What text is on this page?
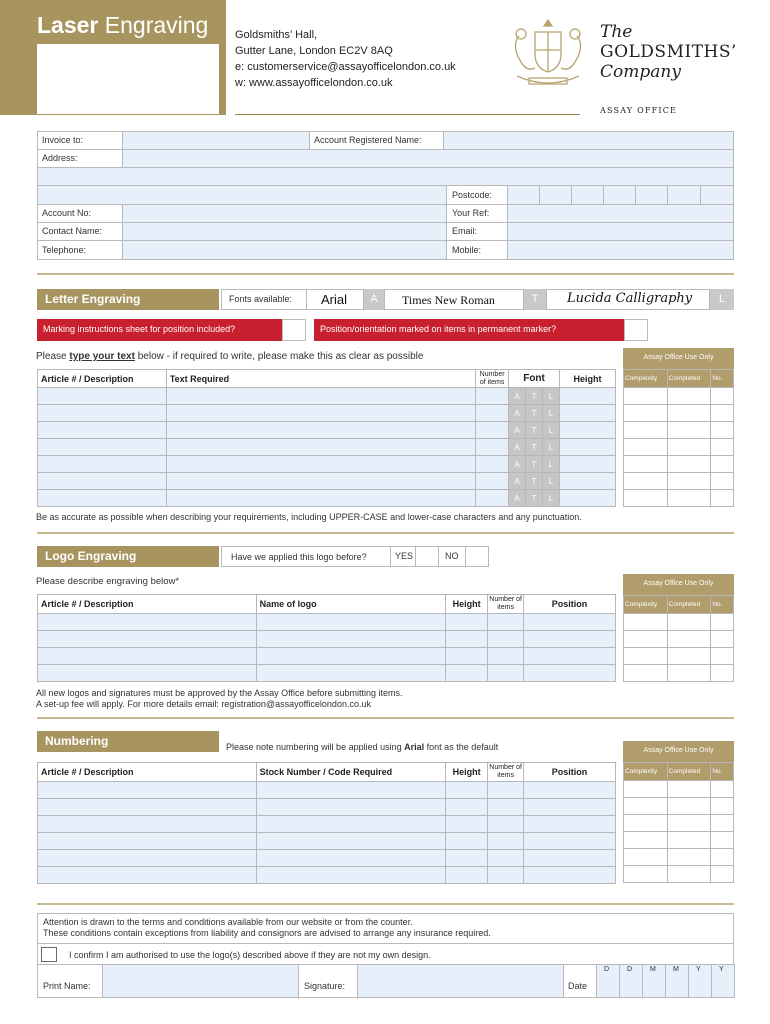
Laser Engraving Goldsmiths’ Hall,
Gutter Lane, London EC2V 8AQ
e: customerservice@assayofficelondon.co.uk
w: www.assayofficelondon.co.uk
The
GOLDSMITHS’
Company
ASSAY OFFICE
Invoice to:	Account Registered Name:
Address:
Postcode:
Account No:	Your Ref:
Contact Name:	Email:
Telephone:	Mobile:
Letter Engraving	Fonts available: Arial	A	Times New Roman	T	Lucida Calligraphy	L
Marking instructions sheet for position included?	Position/orientation marked on items in permanent marker?
Please type your text below - if required to write, please make this as clear as possible
Article # / Description	Text Required	Number of items	Font			Height
			A	T	L	
			A	T	L	
			A	T	L	
			A	T	L	
			A	T	L	
			A	T	L	
			A	T	L	
Assay Office Use Only
Complexity	Completed	No.

Be as accurate as possible when describing your requirements, including UPPER-CASE and lower-case characters and any punctuation.
Logo Engraving	Have we applied this logo before?	YES	NO
Please describe engraving below*
Article # / Description	Name of logo	Height	Number of items	Position

Assay Office Use Only
Complexity	Completed	No.

All new logos and signatures must be approved by the Assay Office before submitting items.
A set-up fee will apply. For more details email: registration@assayofficelondon.co.uk
Numbering	Please note numbering will be applied using Arial font as the default
Article # / Description	Stock Number / Code Required	Height	Number of items	Position

Assay Office Use Only
Complexity	Completed	No.

Attention is drawn to the terms and conditions available from our website or from the counter.
These conditions contain exceptions from liability and consignors are advised to arrange any insurance required.
I confirm I am authorised to use the logo(s) described above if they are not my own design.
Print Name:	Signature:	Date
D	D	M M Y	Y
